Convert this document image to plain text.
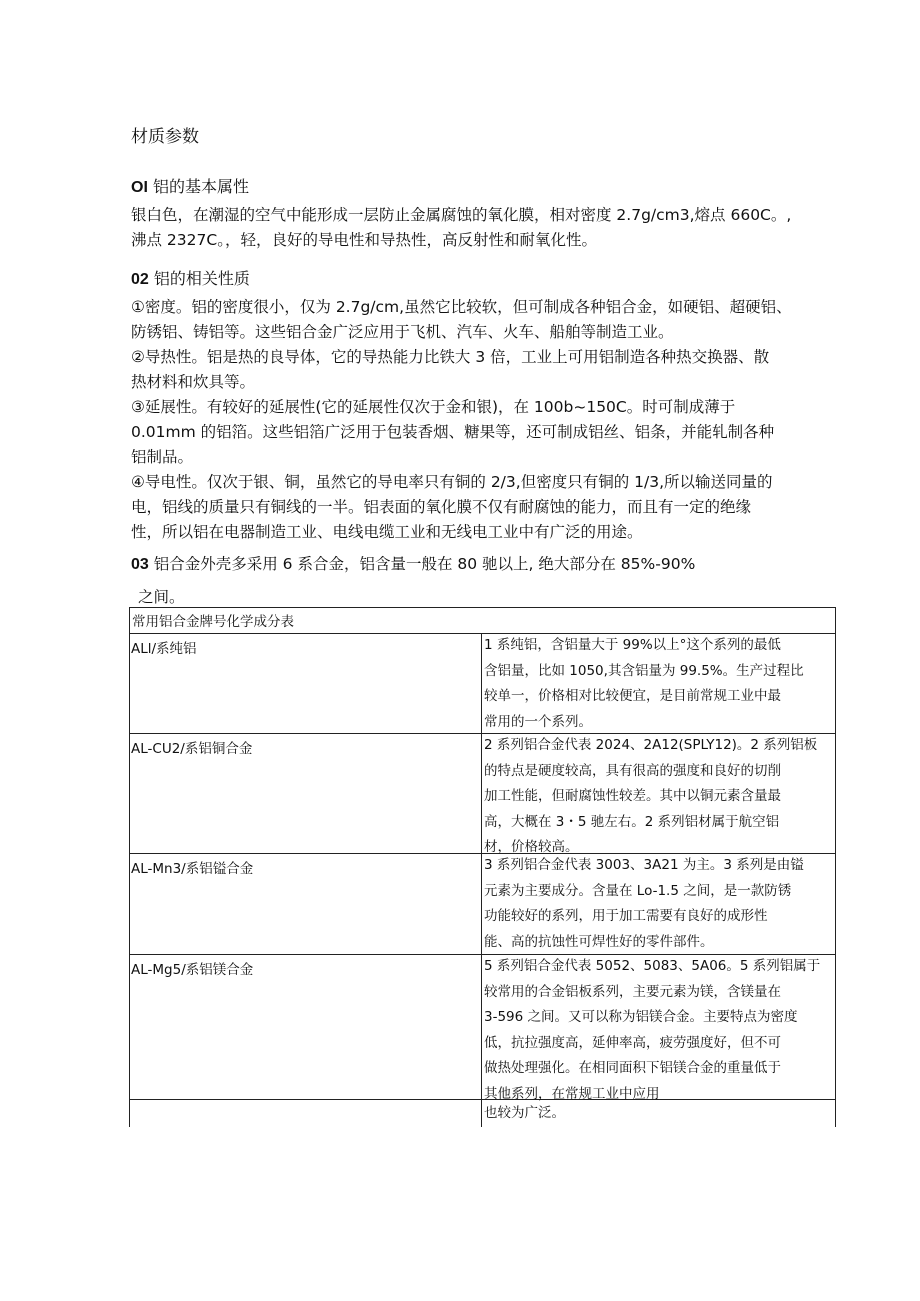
材质参数
OI 铝的基本属性
银白色，在潮湿的空气中能形成一层防止金属腐蚀的氧化膜，相对密度 2.7g∕cm3,熔点 660C。,
沸点 2327C。，轻，良好的导电性和导热性，高反射性和耐氧化性。
02 铝的相关性质
①密度。铝的密度很小，仅为 2.7g∕cm,虽然它比较软，但可制成各种铝合金，如硬铝、超硬铝、
防锈铝、铸铝等。这些铝合金广泛应用于飞机、汽车、火车、船舶等制造工业。
②导热性。铝是热的良导体，它的导热能力比铁大 3 倍，工业上可用铝制造各种热交换器、散
热材料和炊具等。
③延展性。有较好的延展性(它的延展性仅次于金和银)，在 100b~150C。时可制成薄于
0.01mm 的铝箔。这些铝箔广泛用于包装香烟、糖果等，还可制成铝丝、铝条，并能轧制各种
铝制品。
④导电性。仅次于银、铜，虽然它的导电率只有铜的 2/3,但密度只有铜的 1/3,所以输送同量的
电，铝线的质量只有铜线的一半。铝表面的氧化膜不仅有耐腐蚀的能力，而且有一定的绝缘
性，所以铝在电器制造工业、电线电缆工业和无线电工业中有广泛的用途。
03 铝合金外壳多采用 6 系合金，铝含量一般在 80 驰以上, 绝大部分在 85%-90%
之间。
常用铝合金牌号化学成分表
ALl/系纯铝	1 系纯铝，含铝量大于 99%以上°这个系列的最低
含铝量，比如 1050,其含铝量为 99.5%。生产过程比
较单一，价格相对比较便宜，是目前常规工业中最
常用的一个系列。
AL-CU2/系铝铜合金	2 系列铝合金代表 2024、2A12(SPLY12)。2 系列铝板
的特点是硬度较高，具有很高的强度和良好的切削
加工性能，但耐腐蚀性较差。其中以铜元素含量最
高，大概在 3・5 驰左右。2 系列铝材属于航空铝
材，价格较高。
AL-Mn3/系铝镒合金	3 系列铝合金代表 3003、3A21 为主。3 系列是由镒
元素为主要成分。含量在 Lo-1.5 之间，是一款防锈
功能较好的系列，用于加工需要有良好的成形性
能、高的抗蚀性可焊性好的零件部件。
AL-Mg5/系铝镁合金	5 系列铝合金代表 5052、5083、5A06。5 系列铝属于
较常用的合金铝板系列，主要元素为镁，含镁量在
3-596 之间。又可以称为铝镁合金。主要特点为密度
低，抗拉强度高，延伸率高，疲劳强度好，但不可
做热处理强化。在相同面积下铝镁合金的重量低于
其他系列，在常规工业中应用
也较为广泛。
